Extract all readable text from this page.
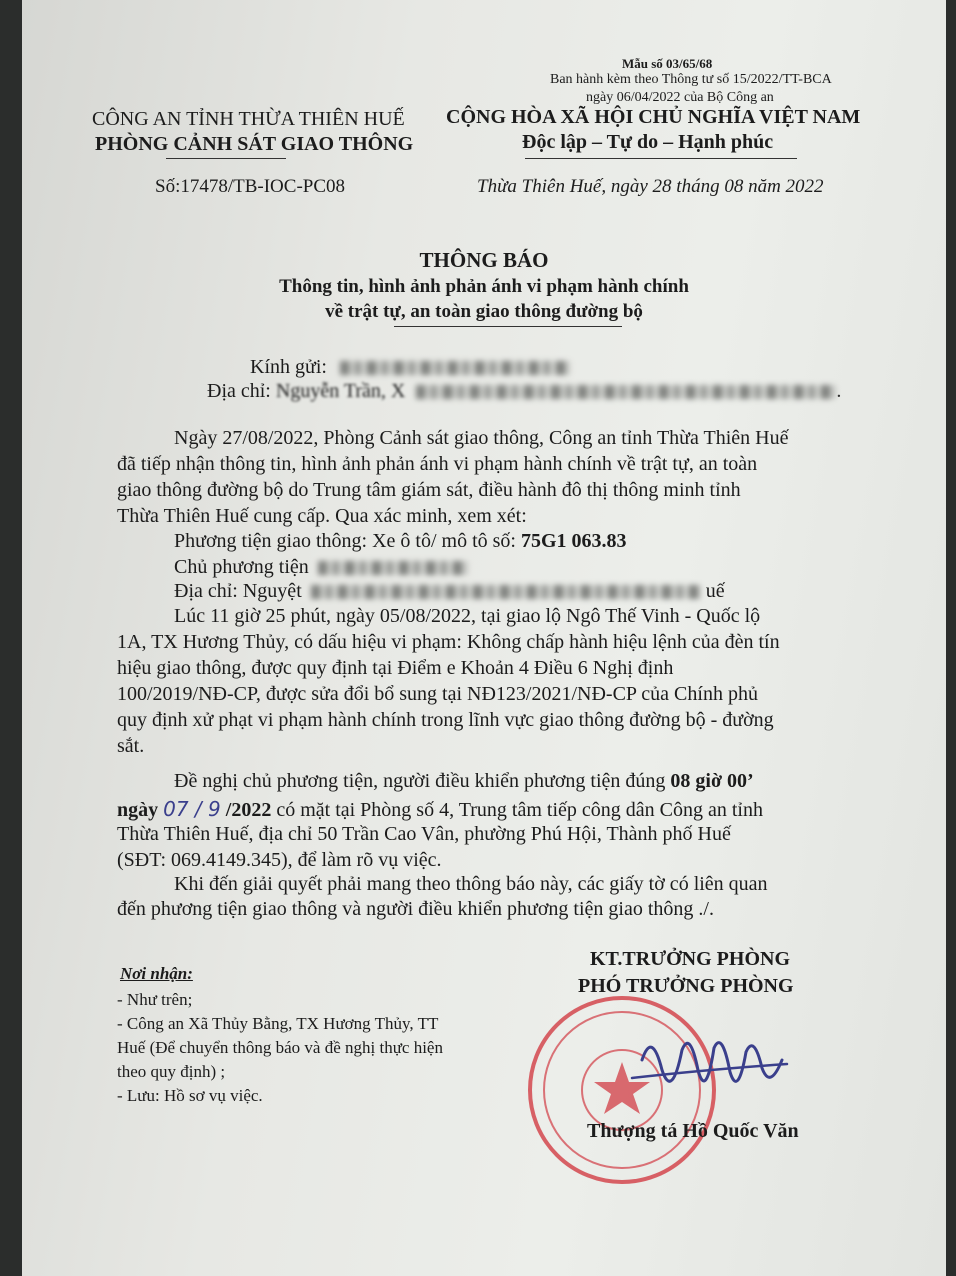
Mẫu số 03/65/68
Ban hành kèm theo Thông tư số 15/2022/TT-BCA
ngày 06/04/2022 của Bộ Công an
CÔNG AN TỈNH THỪA THIÊN HUẾ
PHÒNG CẢNH SÁT GIAO THÔNG
CỘNG HÒA XÃ HỘI CHỦ NGHĨA VIỆT NAM
Độc lập – Tự do – Hạnh phúc
Số:17478/TB-IOC-PC08	Thừa Thiên Huế, ngày 28 tháng 08 năm 2022
THÔNG BÁO
Thông tin, hình ảnh phản ánh vi phạm hành chính
về trật tự, an toàn giao thông đường bộ
Kính gửi:
Địa chỉ: Nguyễn Trần, X	.
Ngày 27/08/2022, Phòng Cảnh sát giao thông, Công an tỉnh Thừa Thiên Huế
đã tiếp nhận thông tin, hình ảnh phản ánh vi phạm hành chính về trật tự, an toàn
giao thông đường bộ do Trung tâm giám sát, điều hành đô thị thông minh tỉnh
Thừa Thiên Huế cung cấp. Qua xác minh, xem xét:
Phương tiện giao thông: Xe ô tô/ mô tô số: 75G1 063.83
Chủ phương tiện
Địa chỉ: Nguyệt	uế
Lúc 11 giờ 25 phút, ngày 05/08/2022, tại giao lộ Ngô Thế Vinh - Quốc lộ
1A, TX Hương Thủy, có dấu hiệu vi phạm: Không chấp hành hiệu lệnh của đèn tín
hiệu giao thông, được quy định tại Điểm e Khoản 4 Điều 6 Nghị định
100/2019/NĐ-CP, được sửa đổi bổ sung tại NĐ123/2021/NĐ-CP của Chính phủ
quy định xử phạt vi phạm hành chính trong lĩnh vực giao thông đường bộ - đường
sắt.
Đề nghị chủ phương tiện, người điều khiển phương tiện đúng 08 giờ 00’
ngày 07 / 9 /2022 có mặt tại Phòng số 4, Trung tâm tiếp công dân Công an tỉnh
Thừa Thiên Huế, địa chỉ 50 Trần Cao Vân, phường Phú Hội, Thành phố Huế
(SĐT: 069.4149.345), để làm rõ vụ việc.
Khi đến giải quyết phải mang theo thông báo này, các giấy tờ có liên quan
đến phương tiện giao thông và người điều khiển phương tiện giao thông ./.
Nơi nhận:
- Như trên;
- Công an Xã Thủy Bằng, TX Hương Thủy, TT
Huế (Để chuyển thông báo và đề nghị thực hiện
theo quy định) ;
- Lưu: Hồ sơ vụ việc.
KT.TRƯỞNG PHÒNG
PHÓ TRƯỞNG PHÒNG
Thượng tá Hồ Quốc Văn
